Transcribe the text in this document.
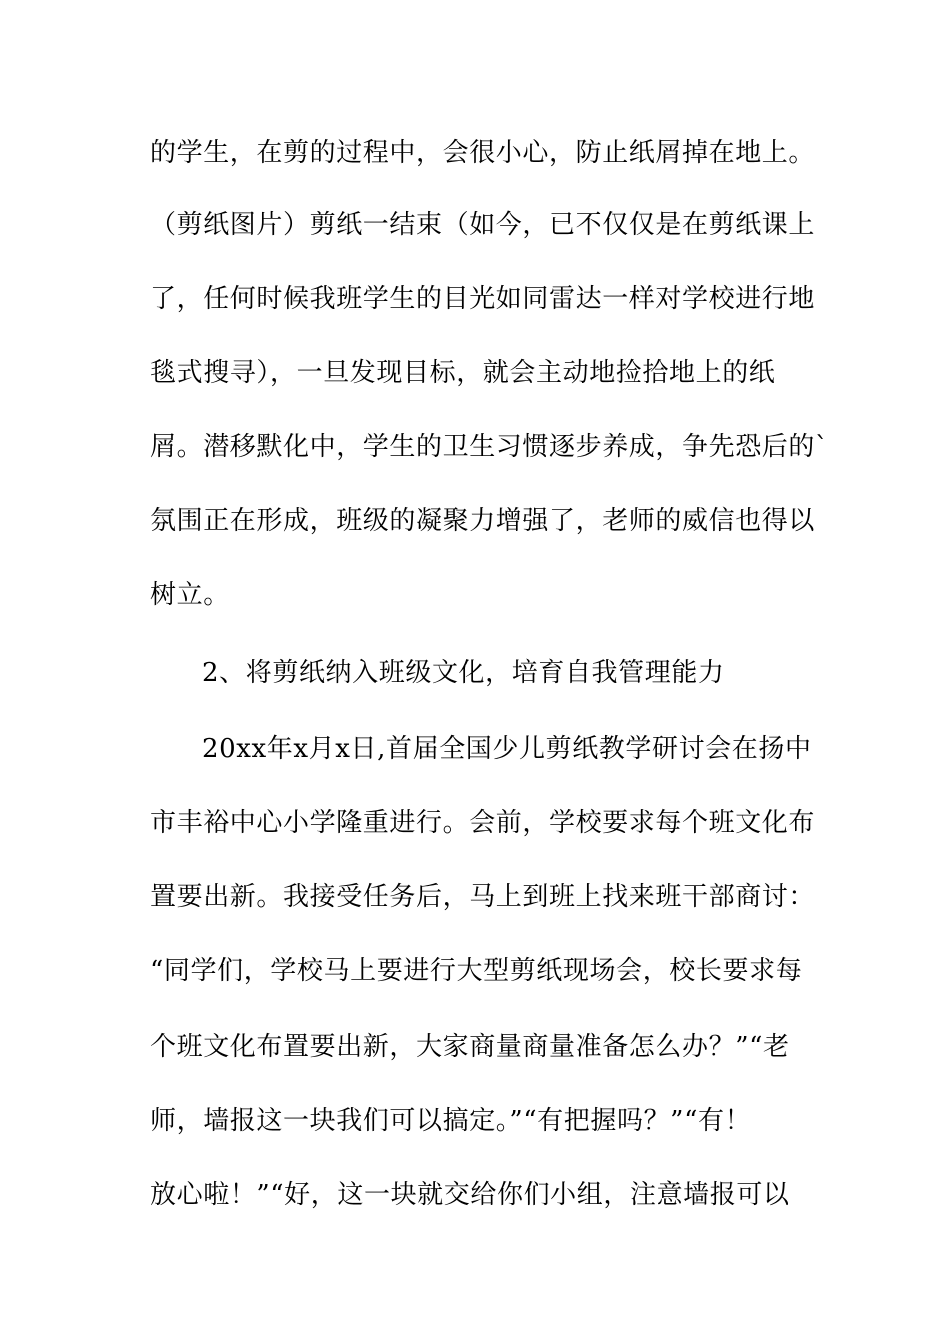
的学生，在剪的过程中，会很小心，防止纸屑掉在地上。
（剪纸图片）剪纸一结束（如今，已不仅仅是在剪纸课上
了，任何时候我班学生的目光如同雷达一样对学校进行地
毯式搜寻），一旦发现目标，就会主动地捡拾地上的纸
屑。潜移默化中，学生的卫生习惯逐步养成，争先恐后的`
氛围正在形成，班级的凝聚力增强了，老师的威信也得以
树立。
2、将剪纸纳入班级文化，培育自我管理能力
20xx年x月x日,首届全国少儿剪纸教学研讨会在扬中
市丰裕中心小学隆重进行。会前，学校要求每个班文化布
置要出新。我接受任务后，马上到班上找来班干部商讨：
“同学们，学校马上要进行大型剪纸现场会，校长要求每
个班文化布置要出新，大家商量商量准备怎么办？”“老
师，墙报这一块我们可以搞定。”“有把握吗？”“有！
放心啦！”“好，这一块就交给你们小组，注意墙报可以
